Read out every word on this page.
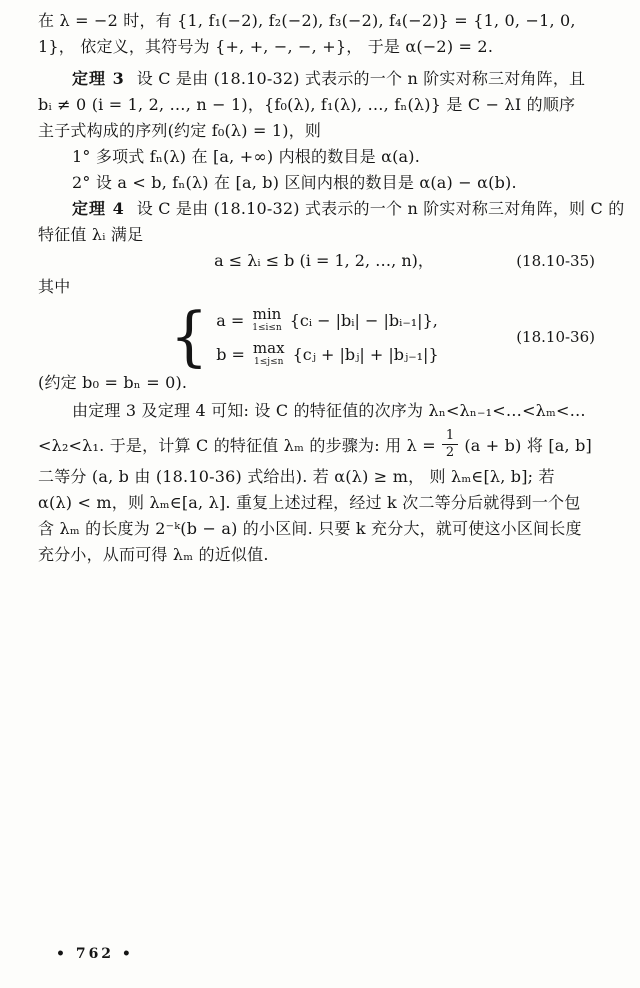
在 λ = −2 时，有 {1, f₁(−2), f₂(−2), f₃(−2), f₄(−2)} = {1, 0, −1, 0,
1}， 依定义，其符号为 {+, +, −, −, +}， 于是 α(−2) = 2.
定理 3 设 C 是由 (18.10-32) 式表示的一个 n 阶实对称三对角阵，且
bᵢ ≠ 0 (i = 1, 2, …, n − 1)，{f₀(λ), f₁(λ), …, fₙ(λ)} 是 C − λI 的顺序
主子式构成的序列(约定 f₀(λ) = 1)，则
1° 多项式 fₙ(λ) 在 [a, +∞) 内根的数目是 α(a).
2° 设 a < b, fₙ(λ) 在 [a, b) 区间内根的数目是 α(a) − α(b).
定理 4 设 C 是由 (18.10-32) 式表示的一个 n 阶实对称三对角阵，则 C 的
特征值 λᵢ 满足
a ≤ λᵢ ≤ b (i = 1, 2, …, n)，	(18.10-35)
其中
{ a = min
1≤i≤n {cᵢ − |bᵢ| − |bᵢ₋₁|},
b = max
1≤j≤n {cⱼ + |bⱼ| + |bⱼ₋₁|}
(18.10-36)
(约定 b₀ = bₙ = 0).
由定理 3 及定理 4 可知: 设 C 的特征值的次序为 λₙ<λₙ₋₁<…<λₘ<…
<λ₂<λ₁. 于是，计算 C 的特征值 λₘ 的步骤为: 用 $\lambda = \frac{1}{2} (a + b)$ 将 [a, b]
二等分 (a, b 由 (18.10-36) 式给出). 若 α(λ) ≥ m， 则 λₘ∈[λ, b]; 若
α(λ) < m，则 λₘ∈[a, λ]. 重复上述过程，经过 k 次二等分后就得到一个包
含 λₘ 的长度为 2⁻ᵏ(b − a) 的小区间. 只要 k 充分大，就可使这小区间长度
充分小，从而可得 λₘ 的近似值.
• 762 •
